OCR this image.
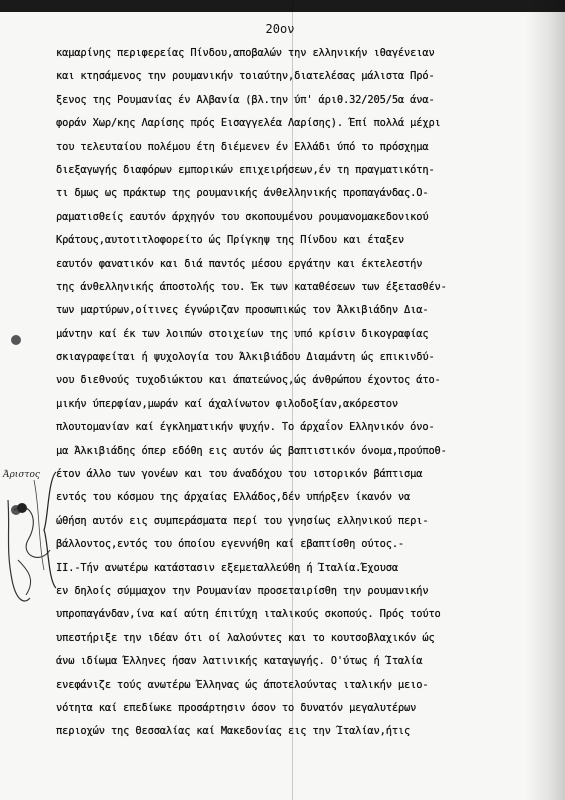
20ον
καμαρίνης περιφερείας Πίνδου,αποβαλών την ελληνικήν ιθαγένειαν
και κτησάμενος την ρουμανικήν τοιαύτην,διατελέσας μάλιστα Πρό-
ξενος της Ρουμανίας έν Αλβανία (βλ.την ύπ' άριθ.32/205/5α άνα-
φοράν Χωρ/κης Λαρίσης πρός Εισαγγελέα Λαρίσης). Έπί πολλά μέχρι
του τελευταίου πολέμου έτη διέμενεν έν Ελλάδι ύπό το πρόσχημα
διεξαγωγής διαφόρων εμπορικών επιχειρήσεων,έν τη πραγματικότη-
τι δμως ως πράκτωρ της ρουμανικής άνθελληνικής προπαγάνδας.Ο-
ραματισθείς εαυτόν άρχηγόν του σκοπουμένου ρουμανομακεδονικού
Κράτους,αυτοτιτλοφορείτο ώς Πρίγκηψ της Πίνδου και έταξεν
εαυτόν φανατικόν και διά παντός μέσου εργάτην και έκτελεστήν
της άνθελληνικής άποστολής του. Έκ των καταθέσεων των έξετασθέν-
των μαρτύρων,οίτινες έγνώριζαν προσωπικώς τον Άλκιβιάδην Δια-
μάντην καί έκ των λοιπών στοιχείων της υπό κρίσιν δικογραφίας
σκιαγραφείται ή ψυχολογία του Άλκιβιάδου Διαμάντη ώς επικινδύ-
νου διεθνούς τυχοδιώκτου και άπατεώνος,ώς άνθρώπου έχοντος άτο-
μικήν ύπερφίαν,μωράν καί άχαλίνωτον φιλοδοξίαν,ακόρεστον
πλουτομανίαν καί έγκληματικήν ψυχήν. Το άρχαΐον Ελληνικόν όνο-
μα Άλκιβιάδης όπερ εδόθη εις αυτόν ώς βαπτιστικόν όνομα,προύποθ-
έτον άλλο των γονέων και του άναδόχου του ιστορικόν βάπτισμα
εντός του κόσμου της άρχαίας Ελλάδος,δέν υπήρξεν ίκανόν να
ώθήση αυτόν εις συμπεράσματα περί του γνησίως ελληνικού περι-
βάλλοντος,εντός του όποίου εγεννήθη καί εβαπτίσθη ούτος.-
II.-Τήν ανωτέρω κατάστασιν εξεμεταλλεύθη ή Ίταλία.Έχουσα
εν δηλοίς σύμμαχον την Ρουμανίαν προσεταιρίσθη την ρουμανικήν
υπροπαγάνδαν,ίνα καί αύτη έπιτύχη ιταλικούς σκοπούς. Πρός τούτο
υπεστήριξε την ιδέαν ότι οί λαλούντες και το κουτσοβλαχικόν ώς
άνω ιδίωμα Έλληνες ήσαν λατινικής καταγωγής. Ο'ύτως ή Ίταλία
ενεφάνιζε τούς ανωτέρω Έλληνας ώς άποτελούντας ιταλικήν μειο-
νότητα καί επεδίωκε προσάρτησιν όσον το δυνατόν μεγαλυτέρων
περιοχών της Θεσσαλίας καί Μακεδονίας εις την Ίταλίαν,ήτις
Άριστος
